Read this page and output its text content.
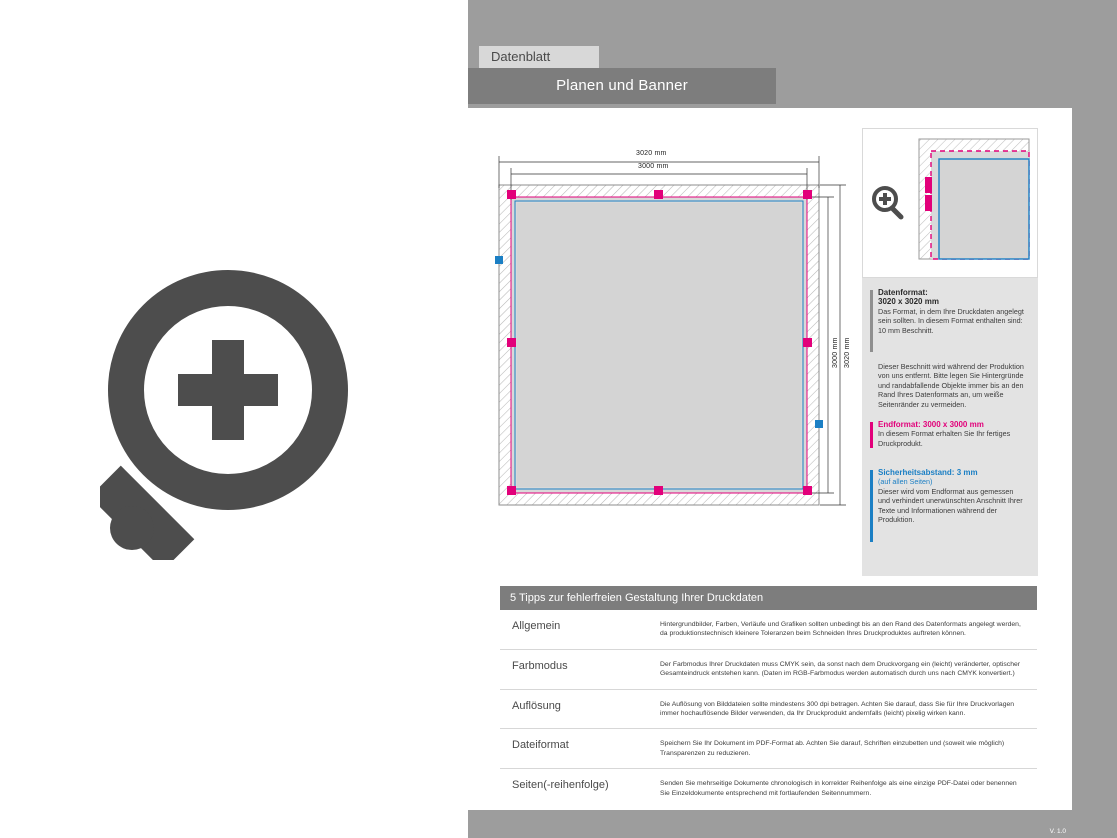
V. 1.0
Datenblatt
Planen und Banner
3020 mm
3000 mm
3020 mm
3000 mm
Datenformat:
3020 x 3020 mm
Das Format, in dem Ihre Druckdaten angelegt sein sollten. In diesem Format enthalten sind: 10 mm Beschnitt.
Dieser Beschnitt wird während der Produktion von uns entfernt. Bitte legen Sie Hintergründe und randabfallende Objekte immer bis an den Rand Ihres Datenformats an, um weiße Seitenränder zu vermeiden.
Endformat: 3000 x 3000 mm
In diesem Format erhalten Sie Ihr fertiges Druckprodukt.
Sicherheitsabstand: 3 mm
(auf allen Seiten)
Dieser wird vom Endformat aus gemessen und verhindert unerwünschten Anschnitt Ihrer Texte und Informationen während der Produktion.
5 Tipps zur fehlerfreien Gestaltung Ihrer Druckdaten
Allgemein	Hintergrundbilder, Farben, Verläufe und Grafiken sollten unbedingt bis an den Rand des Datenformats angelegt werden, da produktionstechnisch kleinere Toleranzen beim Schneiden Ihres Druckproduktes auftreten können.
Farbmodus	Der Farbmodus Ihrer Druckdaten muss CMYK sein, da sonst nach dem Druckvorgang ein (leicht) veränderter, optischer Gesamteindruck entstehen kann. (Daten im RGB-Farbmodus werden automatisch durch uns nach CMYK konvertiert.)
Auflösung	Die Auflösung von Bilddateien sollte mindestens 300 dpi betragen. Achten Sie darauf, dass Sie für Ihre Druckvorlagen immer hochauflösende Bilder verwenden, da Ihr Druckprodukt andernfalls (leicht) pixelig wirken kann.
Dateiformat	Speichern Sie Ihr Dokument im PDF-Format ab. Achten Sie darauf, Schriften einzubetten und (soweit wie möglich) Transparenzen zu reduzieren.
Seiten(-reihenfolge)	Senden Sie mehrseitige Dokumente chronologisch in korrekter Reihenfolge als eine einzige PDF-Datei oder benennen Sie Einzeldokumente entsprechend mit fortlaufenden Seitennummern.
